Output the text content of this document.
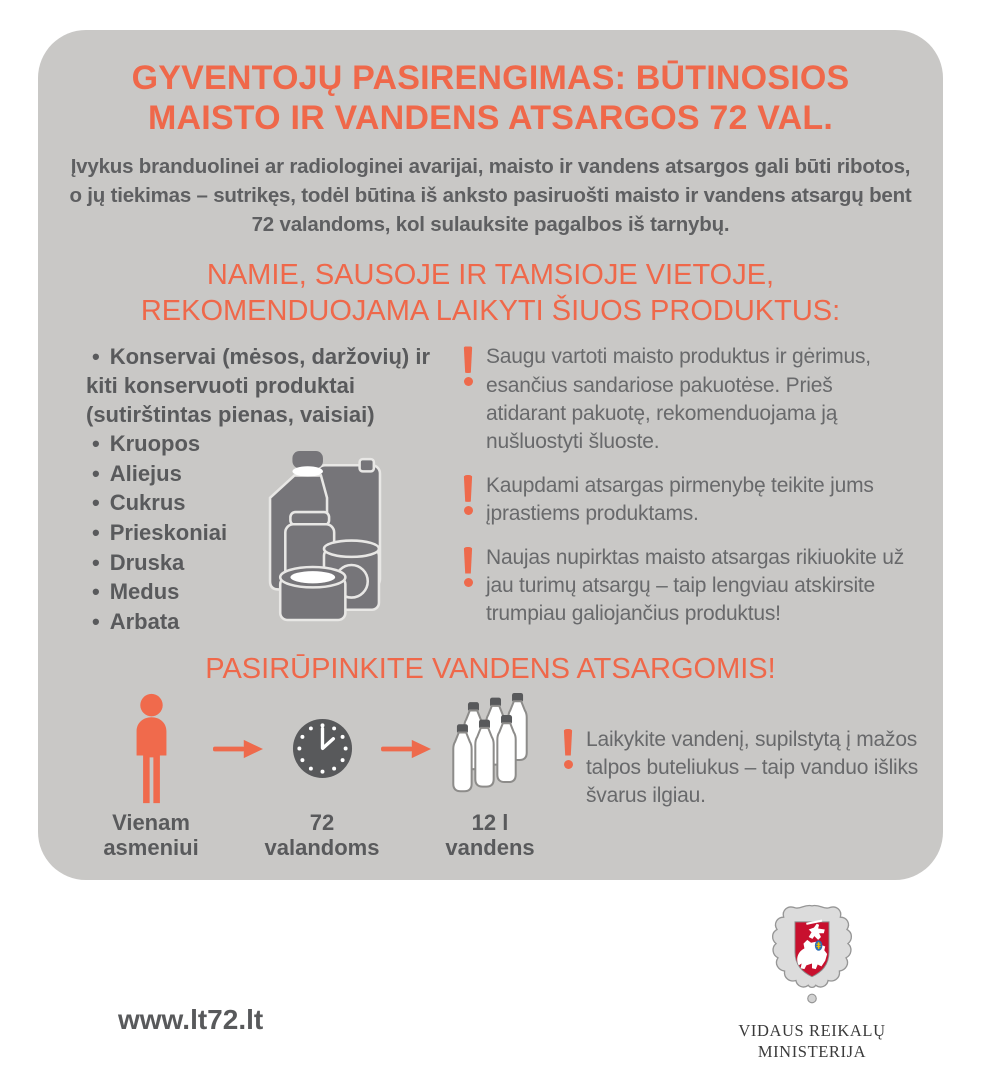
GYVENTOJŲ PASIRENGIMAS: BŪTINOSIOS MAISTO IR VANDENS ATSARGOS 72 VAL.

Įvykus branduolinei ar radiologinei avarijai, maisto ir vandens atsargos gali būti ribotos, o jų tiekimas – sutrikęs, todėl būtina iš anksto pasiruošti maisto ir vandens atsargų bent 72 valandoms, kol sulauksite pagalbos iš tarnybų.

NAMIE, SAUSOJE IR TAMSIOJE VIETOJE, REKOMENDUOJAMA LAIKYTI ŠIUOS PRODUKTUS:
• Konservai (mėsos, daržovių) ir kiti konservuoti produktai (sutirštintas pienas, vaisiai)
• Kruopos
• Aliejus
• Cukrus
• Prieskoniai
• Druska
• Medus
• Arbata

Saugu vartoti maisto produktus ir gėrimus, esančius sandariose pakuotėse. Prieš atidarant pakuotę, rekomenduojama ją nušluostyti šluoste.

Kaupdami atsargas pirmenybę teikite jums įprastiems produktams.

Naujas nupirktas maisto atsargas rikiuokite už jau turimų atsargų – taip lengviau atskirsite trumpiau galiojančius produktus!

PASIRŪPINKITE VANDENS ATSARGOMIS!
Vienam asmeniui
72 valandoms
12 l vandens

Laikykite vandenį, supilstytą į mažos talpos buteliukus – taip vanduo išliks švarus ilgiau.

www.lt72.lt	VIDAUS REIKALŲ
MINISTERIJA
